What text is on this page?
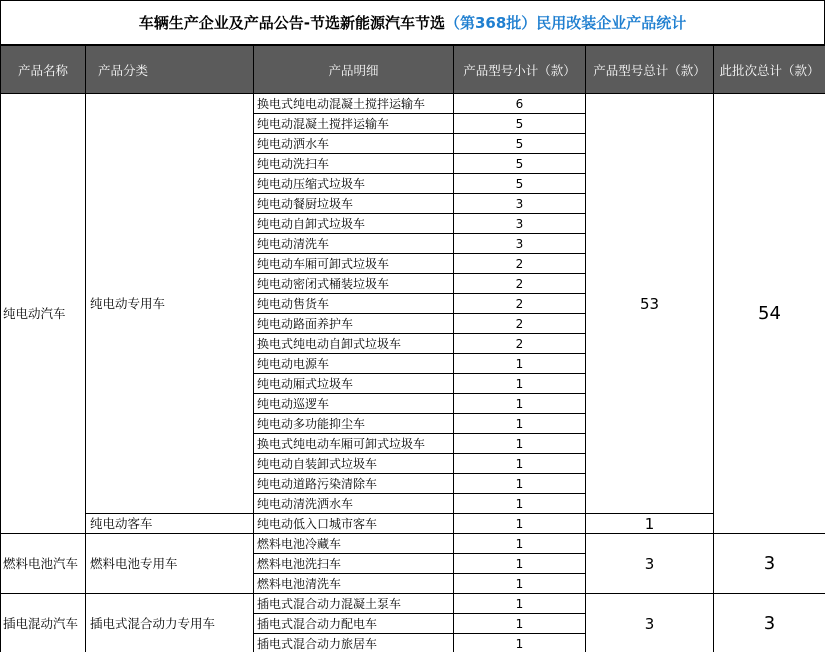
车辆生产企业及产品公告-节选新能源汽车节选 （第368批）民用改装企业产品统计
产品名称	产品分类	产品明细	产品型号小计（款）	产品型号总计（款）	此批次总计（款）
纯电动汽车	纯电动专用车	换电式纯电动混凝土搅拌运输车	6	53	54
		纯电动混凝土搅拌运输车	5		
		纯电动洒水车	5		
		纯电动洗扫车	5		
		纯电动压缩式垃圾车	5		
		纯电动餐厨垃圾车	3		
		纯电动自卸式垃圾车	3		
		纯电动清洗车	3		
		纯电动车厢可卸式垃圾车	2		
		纯电动密闭式桶装垃圾车	2		
		纯电动售货车	2		
		纯电动路面养护车	2		
		换电式纯电动自卸式垃圾车	2		
		纯电动电源车	1		
		纯电动厢式垃圾车	1		
		纯电动巡逻车	1		
		纯电动多功能抑尘车	1		
		换电式纯电动车厢可卸式垃圾车	1		
		纯电动自装卸式垃圾车	1		
		纯电动道路污染清除车	1		
		纯电动清洗洒水车	1		
	纯电动客车	纯电动低入口城市客车	1	1	
燃料电池汽车	燃料电池专用车	燃料电池冷藏车	1	3	3
		燃料电池洗扫车	1		
		燃料电池清洗车	1		
插电混动汽车	插电式混合动力专用车	插电式混合动力混凝土泵车	1	3	3
		插电式混合动力配电车	1		
		插电式混合动力旅居车	1		
